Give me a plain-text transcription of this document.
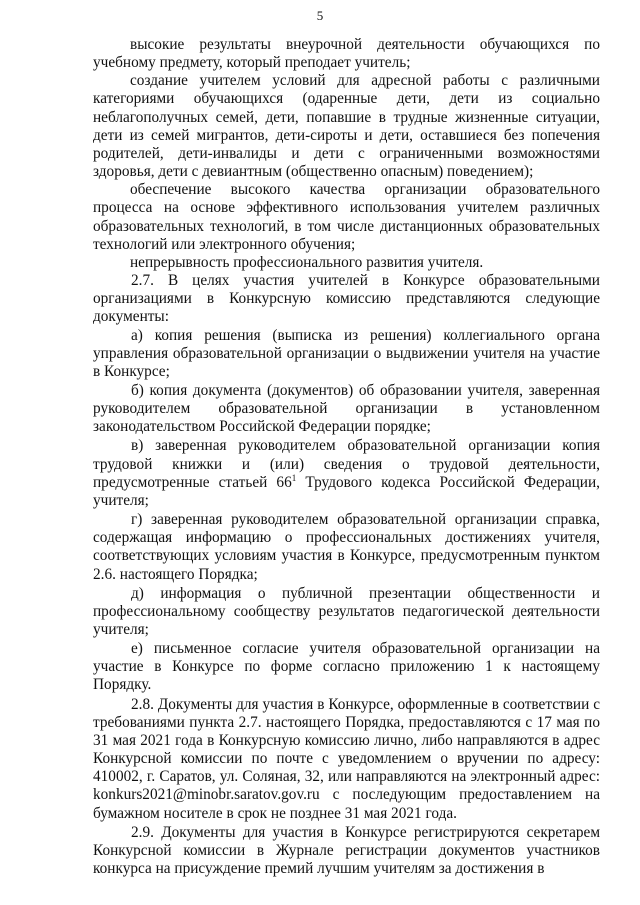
5

высокие результаты внеурочной деятельности обучающихся по учебному предмету, который преподает учитель;

создание учителем условий для адресной работы с различными категориями обучающихся (одаренные дети, дети из социально неблагополучных семей, дети, попавшие в трудные жизненные ситуации, дети из семей мигрантов, дети-сироты и дети, оставшиеся без попечения родителей, дети-инвалиды и дети с ограниченными возможностями здоровья, дети с девиантным (общественно опасным) поведением);

обеспечение высокого качества организации образовательного процесса на основе эффективного использования учителем различных образовательных технологий, в том числе дистанционных образовательных технологий или электронного обучения;

непрерывность профессионального развития учителя.

2.7. В целях участия учителей в Конкурсе образовательными организациями в Конкурсную комиссию представляются следующие документы:

а) копия решения (выписка из решения) коллегиального органа управления образовательной организации о выдвижении учителя на участие в Конкурсе;

б) копия документа (документов) об образовании учителя, заверенная руководителем образовательной организации в установленном законодательством Российской Федерации порядке;

в) заверенная руководителем образовательной организации копия трудовой книжки и (или) сведения о трудовой деятельности, предусмотренные статьей $66^1$ Трудового кодекса Российской Федерации, учителя;

г) заверенная руководителем образовательной организации справка, содержащая информацию о профессиональных достижениях учителя, соответствующих условиям участия в Конкурсе, предусмотренным пунктом 2.6. настоящего Порядка;

д) информация о публичной презентации общественности и профессиональному сообществу результатов педагогической деятельности учителя;

е) письменное согласие учителя образовательной организации на участие в Конкурсе по форме согласно приложению 1 к настоящему Порядку.

2.8. Документы для участия в Конкурсе, оформленные в соответствии с требованиями пункта 2.7. настоящего Порядка, предоставляются с 17 мая по 31 мая 2021 года в Конкурсную комиссию лично, либо направляются в адрес Конкурсной комиссии по почте с уведомлением о вручении по адресу: 410002, г. Саратов, ул. Соляная, 32, или направляются на электронный адрес: konkurs2021@minobr.saratov.gov.ru с последующим предоставлением на бумажном носителе в срок не позднее 31 мая 2021 года.

2.9. Документы для участия в Конкурсе регистрируются секретарем Конкурсной комиссии в Журнале регистрации документов участников конкурса на присуждение премий лучшим учителям за достижения в
